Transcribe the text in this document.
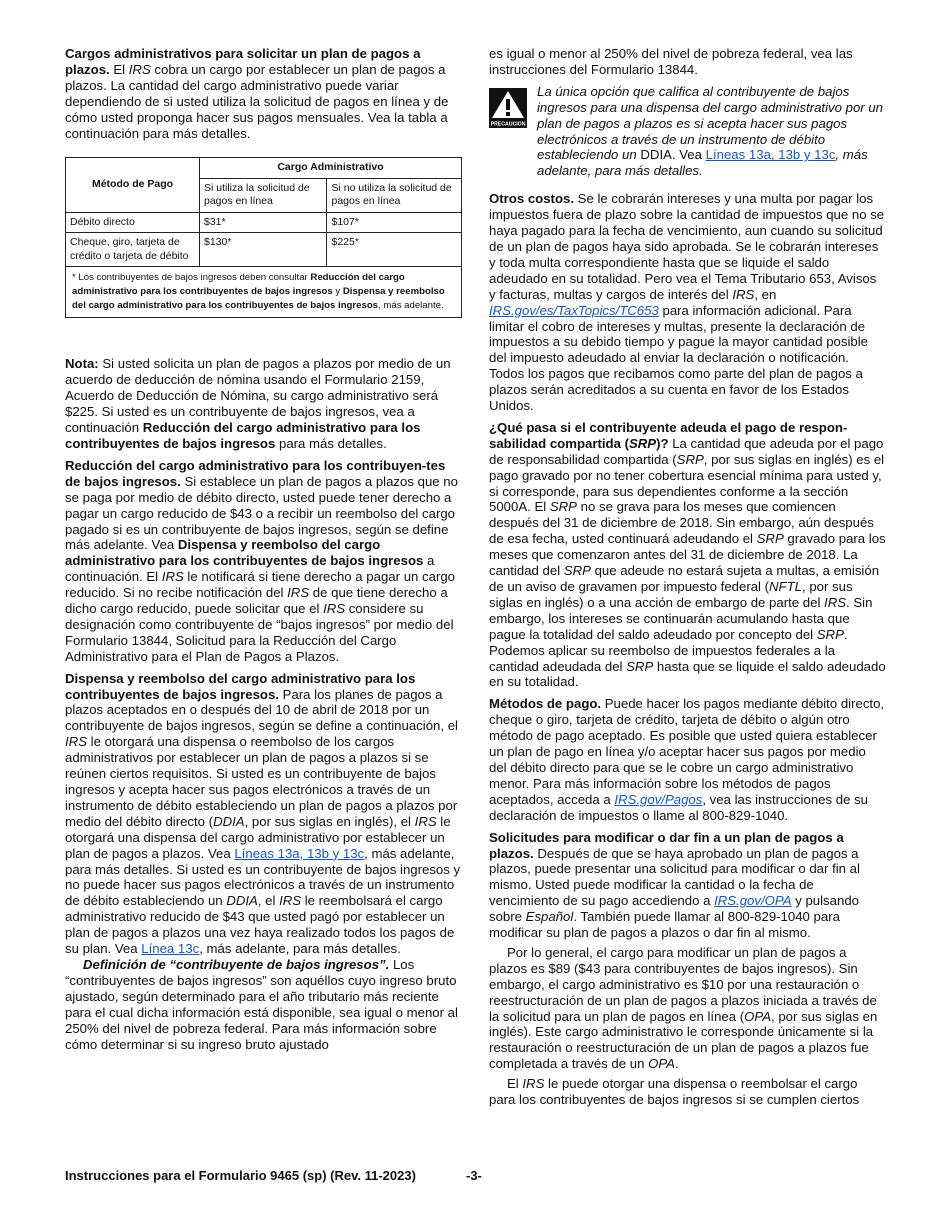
Cargos administrativos para solicitar un plan de pagos a plazos. El IRS cobra un cargo por establecer un plan de pagos a plazos. La cantidad del cargo administrativo puede variar dependiendo de si usted utiliza la solicitud de pagos en línea y de cómo usted proponga hacer sus pagos mensuales. Vea la tabla a continuación para más detalles.

Método de Pago	Cargo Administrativo	
	Si utiliza la solicitud de pagos en línea	Si no utiliza la solicitud de pagos en línea
Débito directo	$31*	$107*
Cheque, giro, tarjeta de crédito o tarjeta de débito	$130*	$225*
* Los contribuyentes de bajos ingresos deben consultar Reducción del cargo administrativo para los contribuyentes de bajos ingresos y Dispensa y reembolso del cargo administrativo para los contribuyentes de bajos ingresos, más adelante.		

Nota: Si usted solicita un plan de pagos a plazos por medio de un acuerdo de deducción de nómina usando el Formulario 2159, Acuerdo de Deducción de Nómina, su cargo administrativo será $225. Si usted es un contribuyente de bajos ingresos, vea a continuación Reducción del cargo administrativo para los contribuyentes de bajos ingresos para más detalles.

Reducción del cargo administrativo para los contribuyen-tes de bajos ingresos. Si establece un plan de pagos a plazos que no se paga por medio de débito directo, usted puede tener derecho a pagar un cargo reducido de $43 o a recibir un reembolso del cargo pagado si es un contribuyente de bajos ingresos, según se define más adelante. Vea Dispensa y reembolso del cargo administrativo para los contribuyentes de bajos ingresos a continuación. El IRS le notificará si tiene derecho a pagar un cargo reducido. Si no recibe notificación del IRS de que tiene derecho a dicho cargo reducido, puede solicitar que el IRS considere su designación como contribuyente de “bajos ingresos” por medio del Formulario 13844, Solicitud para la Reducción del Cargo Administrativo para el Plan de Pagos a Plazos.

Dispensa y reembolso del cargo administrativo para los contribuyentes de bajos ingresos. Para los planes de pagos a plazos aceptados en o después del 10 de abril de 2018 por un contribuyente de bajos ingresos, según se define a continuación, el IRS le otorgará una dispensa o reembolso de los cargos administrativos por establecer un plan de pagos a plazos si se reúnen ciertos requisitos. Si usted es un contribuyente de bajos ingresos y acepta hacer sus pagos electrónicos a través de un instrumento de débito estableciendo un plan de pagos a plazos por medio del débito directo (DDIA, por sus siglas en inglés), el IRS le otorgará una dispensa del cargo administrativo por establecer un plan de pagos a plazos. Vea Líneas 13a, 13b y 13c, más adelante, para más detalles. Si usted es un contribuyente de bajos ingresos y no puede hacer sus pagos electrónicos a través de un instrumento de débito estableciendo un DDIA, el IRS le reembolsará el cargo administrativo reducido de $43 que usted pagó por establecer un plan de pagos a plazos una vez haya realizado todos los pagos de su plan. Vea Línea 13c, más adelante, para más detalles.

Definición de “contribuyente de bajos ingresos”. Los “contribuyentes de bajos ingresos” son aquéllos cuyo ingreso bruto ajustado, según determinado para el año tributario más reciente para el cual dicha información está disponible, sea igual o menor al 250% del nivel de pobreza federal. Para más información sobre cómo determinar si su ingreso bruto ajustado

es igual o menor al 250% del nivel de pobreza federal, vea las instrucciones del Formulario 13844.

PRECAUCION
La única opción que califica al contribuyente de bajos ingresos para una dispensa del cargo administrativo por un plan de pagos a plazos es si acepta hacer sus pagos electrónicos a través de un instrumento de débito estableciendo un DDIA. Vea Líneas 13a, 13b y 13c, más adelante, para más detalles.

Otros costos. Se le cobrarán intereses y una multa por pagar los impuestos fuera de plazo sobre la cantidad de impuestos que no se haya pagado para la fecha de vencimiento, aun cuando su solicitud de un plan de pagos haya sido aprobada. Se le cobrarán intereses y toda multa correspondiente hasta que se liquide el saldo adeudado en su totalidad. Pero vea el Tema Tributario 653, Avisos y facturas, multas y cargos de interés del IRS, en IRS.gov/es/TaxTopics/TC653 para información adicional. Para limitar el cobro de intereses y multas, presente la declaración de impuestos a su debido tiempo y pague la mayor cantidad posible del impuesto adeudado al enviar la declaración o notificación. Todos los pagos que recibamos como parte del plan de pagos a plazos serán acreditados a su cuenta en favor de los Estados Unidos.

¿Qué pasa si el contribuyente adeuda el pago de respon-sabilidad compartida (SRP)? La cantidad que adeuda por el pago de responsabilidad compartida (SRP, por sus siglas en inglés) es el pago gravado por no tener cobertura esencial mínima para usted y, si corresponde, para sus dependientes conforme a la sección 5000A. El SRP no se grava para los meses que comiencen después del 31 de diciembre de 2018. Sin embargo, aún después de esa fecha, usted continuará adeudando el SRP gravado para los meses que comenzaron antes del 31 de diciembre de 2018. La cantidad del SRP que adeude no estará sujeta a multas, a emisión de un aviso de gravamen por impuesto federal (NFTL, por sus siglas en inglés) o a una acción de embargo de parte del IRS. Sin embargo, los intereses se continuarán acumulando hasta que pague la totalidad del saldo adeudado por concepto del SRP. Podemos aplicar su reembolso de impuestos federales a la cantidad adeudada del SRP hasta que se liquide el saldo adeudado en su totalidad.

Métodos de pago. Puede hacer los pagos mediante débito directo, cheque o giro, tarjeta de crédito, tarjeta de débito o algún otro método de pago aceptado. Es posible que usted quiera establecer un plan de pago en línea y/o aceptar hacer sus pagos por medio del débito directo para que se le cobre un cargo administrativo menor. Para más información sobre los métodos de pagos aceptados, acceda a IRS.gov/Pagos, vea las instrucciones de su declaración de impuestos o llame al 800-829-1040.

Solicitudes para modificar o dar fin a un plan de pagos a plazos. Después de que se haya aprobado un plan de pagos a plazos, puede presentar una solicitud para modificar o dar fin al mismo. Usted puede modificar la cantidad o la fecha de vencimiento de su pago accediendo a IRS.gov/OPA y pulsando sobre Español. También puede llamar al 800-829-1040 para modificar su plan de pagos a plazos o dar fin al mismo.

Por lo general, el cargo para modificar un plan de pagos a plazos es $89 ($43 para contribuyentes de bajos ingresos). Sin embargo, el cargo administrativo es $10 por una restauración o reestructuración de un plan de pagos a plazos iniciada a través de la solicitud para un plan de pagos en línea (OPA, por sus siglas en inglés). Este cargo administrativo le corresponde únicamente si la restauración o reestructuración de un plan de pagos a plazos fue completada a través de un OPA.

El IRS le puede otorgar una dispensa o reembolsar el cargo para los contribuyentes de bajos ingresos si se cumplen ciertos

Instrucciones para el Formulario 9465 (sp) (Rev. 11-2023)	-3-
